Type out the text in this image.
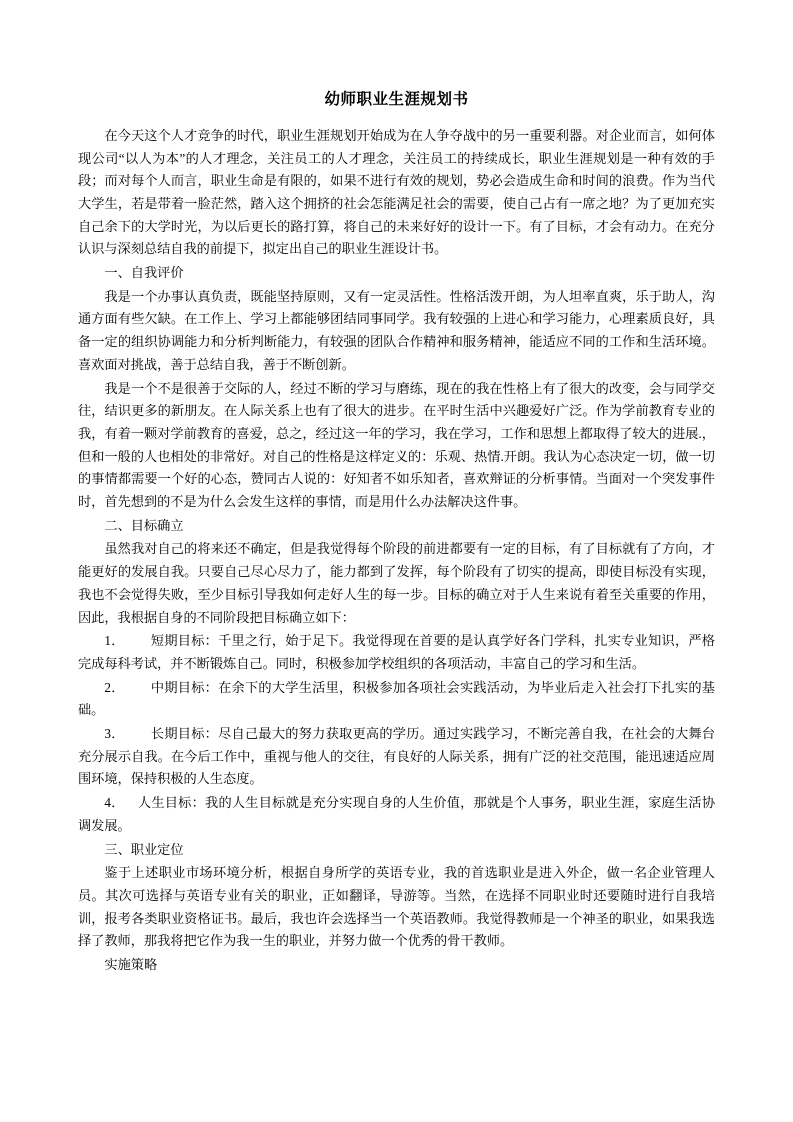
幼师职业生涯规划书

在今天这个人才竞争的时代，职业生涯规划开始成为在人争夺战中的另一重要利器。对企业而言，如何体现公司“以人为本”的人才理念，关注员工的人才理念，关注员工的持续成长，职业生涯规划是一种有效的手段；而对每个人而言，职业生命是有限的，如果不进行有效的规划，势必会造成生命和时间的浪费。作为当代大学生，若是带着一脸茫然，踏入这个拥挤的社会怎能满足社会的需要，使自己占有一席之地？为了更加充实自己余下的大学时光，为以后更长的路打算，将自己的未来好好的设计一下。有了目标，才会有动力。在充分认识与深刻总结自我的前提下，拟定出自己的职业生涯设计书。

一、自我评价

我是一个办事认真负责，既能坚持原则，又有一定灵活性。性格活泼开朗，为人坦率直爽，乐于助人，沟通方面有些欠缺。在工作上、学习上都能够团结同事同学。我有较强的上进心和学习能力，心理素质良好，具备一定的组织协调能力和分析判断能力，有较强的团队合作精神和服务精神，能适应不同的工作和生活环境。喜欢面对挑战，善于总结自我，善于不断创新。

我是一个不是很善于交际的人，经过不断的学习与磨练，现在的我在性格上有了很大的改变，会与同学交往，结识更多的新朋友。在人际关系上也有了很大的进步。在平时生活中兴趣爱好广泛。作为学前教育专业的我，有着一颗对学前教育的喜爱，总之，经过这一年的学习，我在学习，工作和思想上都取得了较大的进展.，但和一般的人也相处的非常好。对自己的性格是这样定义的：乐观、热情.开朗。我认为心态决定一切，做一切的事情都需要一个好的心态，赞同古人说的：好知者不如乐知者，喜欢辩证的分析事情。当面对一个突发事件时，首先想到的不是为什么会发生这样的事情，而是用什么办法解决这件事。

二、目标确立

虽然我对自己的将来还不确定，但是我觉得每个阶段的前进都要有一定的目标，有了目标就有了方向，才能更好的发展自我。只要自己尽心尽力了，能力都到了发挥，每个阶段有了切实的提高，即使目标没有实现，我也不会觉得失败，至少目标引导我如何走好人生的每一步。目标的确立对于人生来说有着至关重要的作用，因此，我根据自身的不同阶段把目标确立如下：

1． 短期目标：千里之行，始于足下。我觉得现在首要的是认真学好各门学科，扎实专业知识，严格完成每科考试，并不断锻炼自己。同时，积极参加学校组织的各项活动，丰富自己的学习和生活。

2． 中期目标：在余下的大学生活里，积极参加各项社会实践活动，为毕业后走入社会打下扎实的基础。

3． 长期目标：尽自己最大的努力获取更高的学历。通过实践学习，不断完善自我，在社会的大舞台充分展示自我。在今后工作中，重视与他人的交往，有良好的人际关系，拥有广泛的社交范围，能迅速适应周围环境，保持积极的人生态度。

4． 人生目标：我的人生目标就是充分实现自身的人生价值，那就是个人事务，职业生涯，家庭生活协调发展。

三、职业定位

鉴于上述职业市场环境分析，根据自身所学的英语专业，我的首选职业是进入外企，做一名企业管理人员。其次可选择与英语专业有关的职业，正如翻译，导游等。当然，在选择不同职业时还要随时进行自我培训，报考各类职业资格证书。最后，我也许会选择当一个英语教师。我觉得教师是一个神圣的职业，如果我选择了教师，那我将把它作为我一生的职业，并努力做一个优秀的骨干教师。

实施策略
